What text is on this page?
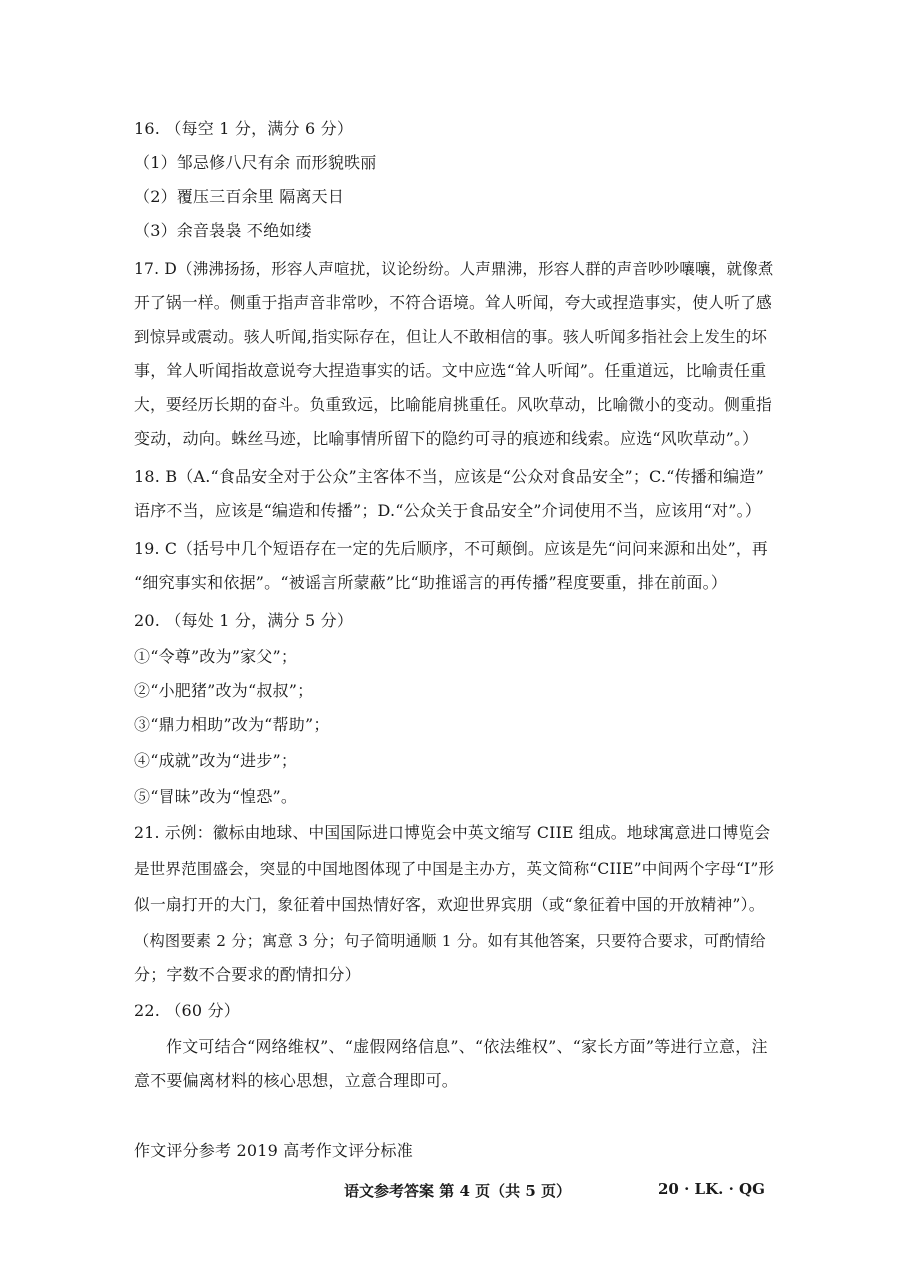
16. （每空 1 分，满分 6 分）
（1）邹忌修八尺有余 而形貌昳丽
（2）覆压三百余里 隔离天日
（3）余音袅袅 不绝如缕
17. D（沸沸扬扬，形容人声喧扰，议论纷纷。人声鼎沸，形容人群的声音吵吵嚷嚷，就像煮
开了锅一样。侧重于指声音非常吵，不符合语境。耸人听闻，夸大或捏造事实，使人听了感
到惊异或震动。骇人听闻,指实际存在，但让人不敢相信的事。骇人听闻多指社会上发生的坏
事，耸人听闻指故意说夸大捏造事实的话。文中应选“耸人听闻”。任重道远，比喻责任重
大，要经历长期的奋斗。负重致远，比喻能肩挑重任。风吹草动，比喻微小的变动。侧重指
变动，动向。蛛丝马迹，比喻事情所留下的隐约可寻的痕迹和线索。应选“风吹草动”。）
18. B（A.“食品安全对于公众”主客体不当，应该是“公众对食品安全”；C.“传播和编造”
语序不当，应该是“编造和传播”；D.“公众关于食品安全”介词使用不当，应该用“对”。）
19. C（括号中几个短语存在一定的先后顺序，不可颠倒。应该是先“问问来源和出处”，再
“细究事实和依据”。“被谣言所蒙蔽”比“助推谣言的再传播”程度要重，排在前面。）
20. （每处 1 分，满分 5 分）
①“令尊”改为”家父”；
②“小肥猪”改为“叔叔”；
③“鼎力相助”改为“帮助”；
④“成就”改为“进步”；
⑤“冒昧”改为“惶恐”。
21. 示例：徽标由地球、中国国际进口博览会中英文缩写 CIIE 组成。地球寓意进口博览会
是世界范围盛会，突显的中国地图体现了中国是主办方，英文简称“CIIE”中间两个字母“I”形
似一扇打开的大门，象征着中国热情好客，欢迎世界宾朋（或“象征着中国的开放精神”）。
（构图要素 2 分；寓意 3 分；句子简明通顺 1 分。如有其他答案，只要符合要求，可酌情给
分；字数不合要求的酌情扣分）
22. （60 分）
作文可结合“网络维权”、“虚假网络信息”、“依法维权”、“家长方面”等进行立意，注
意不要偏离材料的核心思想，立意合理即可。
作文评分参考 2019 高考作文评分标准
语文参考答案 第 4 页（共 5 页）	20 · LK. · QG
